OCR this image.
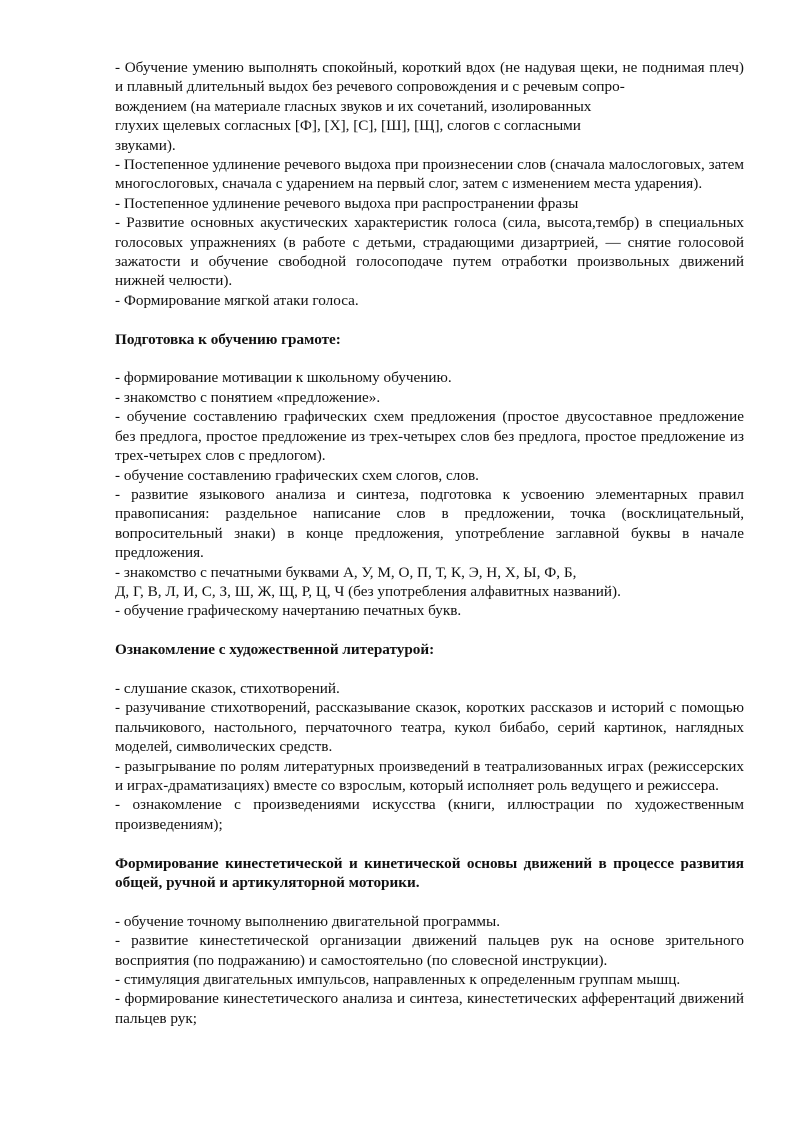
- Обучение умению выполнять спокойный, короткий вдох (не надувая щеки, не поднимая плеч) и плавный длительный выдох без речевого сопровождения и с речевым сопро-

вождением (на материале гласных звуков и их сочетаний, изолированных

глухих щелевых согласных [Ф], [Х], [С], [Ш], [Щ], слогов с согласными

звуками).

- Постепенное удлинение речевого выдоха при произнесении слов (сначала малослоговых, затем многослоговых, сначала с ударением на первый слог, затем с изменением места ударения).

- Постепенное удлинение речевого выдоха при распространении фразы

- Развитие основных акустических характеристик голоса (сила, высота,тембр) в специальных голосовых упражнениях (в работе с детьми, страдающими дизартрией, — снятие голосовой зажатости и обучение свободной голосоподаче путем отработки произвольных движений нижней челюсти).

- Формирование мягкой атаки голоса.

Подготовка к обучению грамоте:

- формирование мотивации к школьному обучению.

- знакомство с понятием «предложение».

- обучение составлению графических схем предложения (простое двусоставное предложение без предлога, простое предложение из трех-четырех слов без предлога, простое предложение из трех-четырех слов с предлогом).

- обучение составлению графических схем слогов, слов.

- развитие языкового анализа и синтеза, подготовка к усвоению элементарных правил правописания: раздельное написание слов в предложении, точка (восклицательный, вопросительный знаки) в конце предложения, употребление заглавной буквы в начале предложения.

- знакомство с печатными буквами А, У, М, О, П, Т, К, Э, Н, Х, Ы, Ф, Б,

Д, Г, В, Л, И, С, З, Ш, Ж, Щ, Р, Ц, Ч (без употребления алфавитных названий).

- обучение графическому начертанию печатных букв.

Ознакомление с художественной литературой:

- слушание сказок, стихотворений.

- разучивание стихотворений, рассказывание сказок, коротких рассказов и историй с помощью пальчикового, настольного, перчаточного театра, кукол бибабо, серий картинок, наглядных моделей, символических средств.

- разыгрывание по ролям литературных произведений в театрализованных играх (режиссерских и играх-драматизациях) вместе со взрослым, который исполняет роль ведущего и режиссера.

- ознакомление с произведениями искусства (книги, иллюстрации по художественным произведениям);

Формирование кинестетической и кинетической основы движений в процессе развития общей, ручной и артикуляторной моторики.

- обучение точному выполнению двигательной программы.

- развитие кинестетической организации движений пальцев рук на основе зрительного восприятия (по подражанию) и самостоятельно (по словесной инструкции).

- стимуляция двигательных импульсов, направленных к определенным группам мышц.

- формирование кинестетического анализа и синтеза, кинестетических афферентаций движений пальцев рук;
